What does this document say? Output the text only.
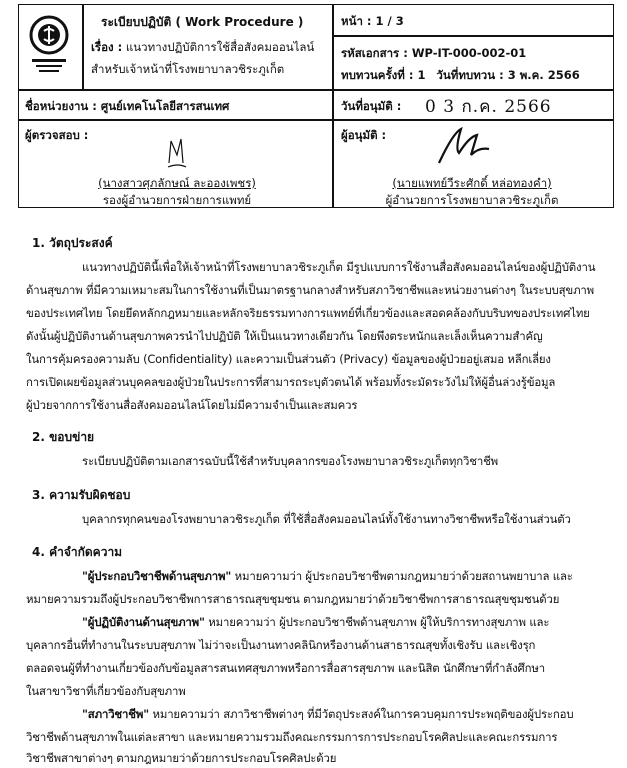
ระเบียบปฏิบัติ ( Work Procedure )
เรื่อง : แนวทางปฏิบัติการใช้สื่อสังคมออนไลน์
สำหรับเจ้าหน้าที่โรงพยาบาลวชิระภูเก็ต
หน้า : 1 / 3
รหัสเอกสาร : WP-IT-000-002-01
ทบทวนครั้งที่ : 1 วันที่ทบทวน : 3 พ.ค. 2566
ชื่อหน่วยงาน : ศูนย์เทคโนโลยีสารสนเทศ	วันที่อนุมัติ : 0 3 ก.ค. 2566
ผู้ตรวจสอบ :
(นางสาวศุภลักษณ์ ละอองเพชร)
รองผู้อำนวยการฝ่ายการแพทย์
ผู้อนุมัติ :
(นายแพทย์วีระศักดิ์ หล่อทองคำ)
ผู้อำนวยการโรงพยาบาลวชิระภูเก็ต
1. วัตถุประสงค์
แนวทางปฏิบัตินี้เพื่อให้เจ้าหน้าที่โรงพยาบาลวชิระภูเก็ต มีรูปแบบการใช้งานสื่อสังคมออนไลน์ของผู้ปฏิบัติงาน
ด้านสุขภาพ ที่มีความเหมาะสมในการใช้งานที่เป็นมาตรฐานกลางสำหรับสภาวิชาชีพและหน่วยงานต่างๆ ในระบบสุขภาพ
ของประเทศไทย โดยยึดหลักกฎหมายและหลักจริยธรรมทางการแพทย์ที่เกี่ยวข้องและสอดคล้องกับบริบทของประเทศไทย
ดังนั้นผู้ปฏิบัติงานด้านสุขภาพควรนำไปปฏิบัติ ให้เป็นแนวทางเดียวกัน โดยพึงตระหนักและเล็งเห็นความสำคัญ
ในการคุ้มครองความลับ (Confidentiality) และความเป็นส่วนตัว (Privacy) ข้อมูลของผู้ป่วยอยู่เสมอ หลีกเลี่ยง
การเปิดเผยข้อมูลส่วนบุคคลของผู้ป่วยในประการที่สามารถระบุตัวตนได้ พร้อมทั้งระมัดระวังไม่ให้ผู้อื่นล่วงรู้ข้อมูล
ผู้ป่วยจากการใช้งานสื่อสังคมออนไลน์โดยไม่มีความจำเป็นและสมควร
2. ขอบข่าย
ระเบียบปฏิบัติตามเอกสารฉบับนี้ใช้สำหรับบุคลากรของโรงพยาบาลวชิระภูเก็ตทุกวิชาชีพ
3. ความรับผิดชอบ
บุคลากรทุกคนของโรงพยาบาลวชิระภูเก็ต ที่ใช้สื่อสังคมออนไลน์ทั้งใช้งานทางวิชาชีพหรือใช้งานส่วนตัว
4. คำจำกัดความ
"ผู้ประกอบวิชาชีพด้านสุขภาพ" หมายความว่า ผู้ประกอบวิชาชีพตามกฎหมายว่าด้วยสถานพยาบาล และ
หมายความรวมถึงผู้ประกอบวิชาชีพการสาธารณสุขชุมชน ตามกฎหมายว่าด้วยวิชาชีพการสาธารณสุขชุมชนด้วย
"ผู้ปฏิบัติงานด้านสุขภาพ" หมายความว่า ผู้ประกอบวิชาชีพด้านสุขภาพ ผู้ให้บริการทางสุขภาพ และ
บุคลากรอื่นที่ทำงานในระบบสุขภาพ ไม่ว่าจะเป็นงานทางคลินิกหรืองานด้านสาธารณสุขทั้งเชิงรับ และเชิงรุก
ตลอดจนผู้ที่ทำงานเกี่ยวข้องกับข้อมูลสารสนเทศสุขภาพหรือการสื่อสารสุขภาพ และนิสิต นักศึกษาที่กำลังศึกษา
ในสาขาวิชาที่เกี่ยวข้องกับสุขภาพ
"สภาวิชาชีพ" หมายความว่า สภาวิชาชีพต่างๆ ที่มีวัตถุประสงค์ในการควบคุมการประพฤติของผู้ประกอบ
วิชาชีพด้านสุขภาพในแต่ละสาขา และหมายความรวมถึงคณะกรรมการการประกอบโรคศิลปะและคณะกรรมการ
วิชาชีพสาขาต่างๆ ตามกฎหมายว่าด้วยการประกอบโรคศิลปะด้วย
